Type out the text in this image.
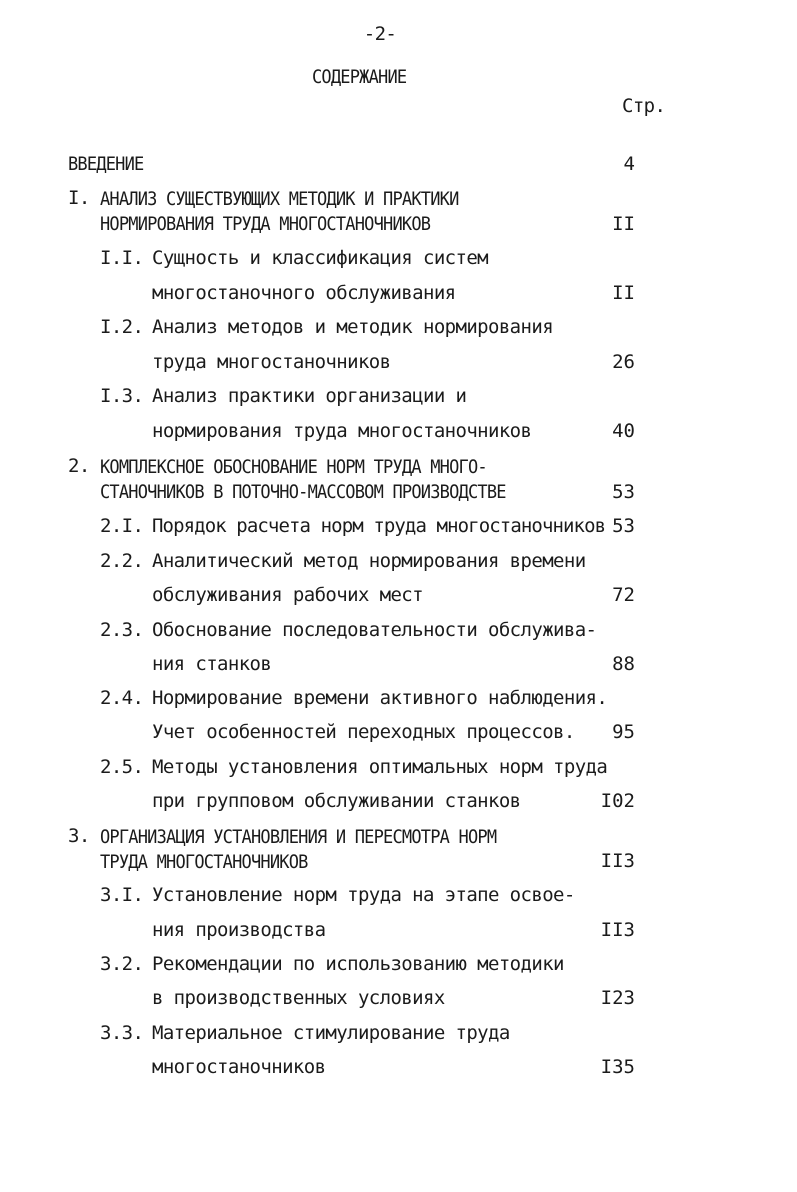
-2-
СОДЕРЖАНИЕ
Стр.
ВВЕДЕНИЕ	4
I. АНАЛИЗ СУЩЕСТВУЮЩИХ МЕТОДИК И ПРАКТИКИ
НОРМИРОВАНИЯ ТРУДА МНОГОСТАНОЧНИКОВ	II
I.I. Сущность и классификация систем
многостаночного обслуживания	II
I.2. Анализ методов и методик нормирования
труда многостаночников	26
I.3. Анализ практики организации и
нормирования труда многостаночников	40
2. КОМПЛЕКСНОЕ ОБОСНОВАНИЕ НОРМ ТРУДА МНОГО-
СТАНОЧНИКОВ В ПОТОЧНО-МАССОВОМ ПРОИЗВОДСТВЕ	53
2.I. Порядок расчета норм труда многостаночников 53
2.2. Аналитический метод нормирования времени
обслуживания рабочих мест	72
2.3. Обоснование последовательности обслужива-
ния станков	88
2.4. Нормирование времени активного наблюдения.
Учет особенностей переходных процессов.	95
2.5. Методы установления оптимальных норм труда
при групповом обслуживании станков	I02
3. ОРГАНИЗАЦИЯ УСТАНОВЛЕНИЯ И ПЕРЕСМОТРА НОРМ
ТРУДА МНОГОСТАНОЧНИКОВ	II3
3.I. Установление норм труда на этапе освое-
ния производства	II3
3.2. Рекомендации по использованию методики
в производственных условиях	I23
3.3. Материальное стимулирование труда
многостаночников	I35
